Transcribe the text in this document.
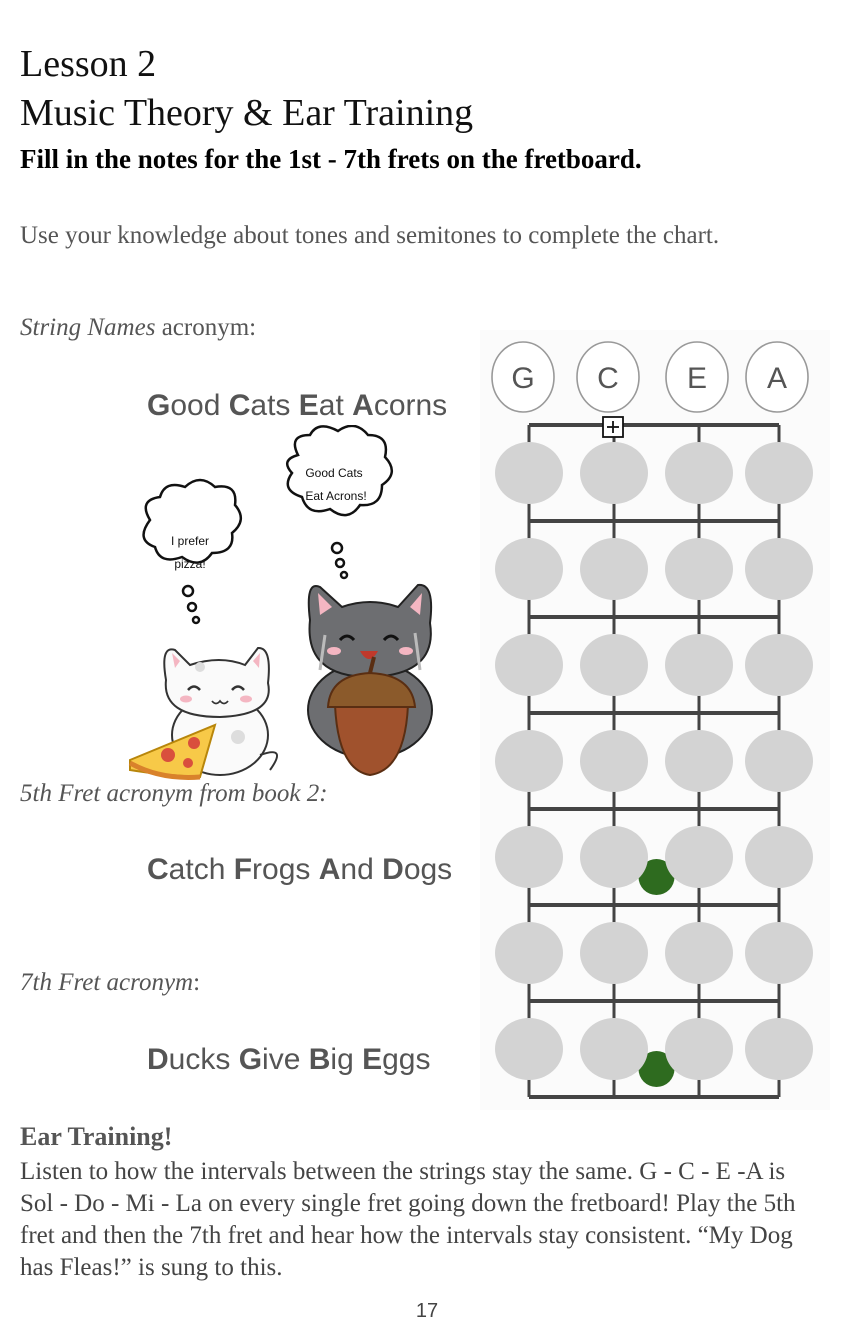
Lesson 2
Music Theory & Ear Training
Fill in the notes for the 1st - 7th frets on the fretboard.
Use your knowledge about tones and semitones to complete the chart.
String Names acronym:
Good Cats Eat Acorns
I prefer
pizza!
Good Cats
Eat Acrons!
5th Fret acronym from book 2:
Catch Frogs And Dogs
7th Fret acronym:
Ducks Give Big Eggs
G C E A
Ear Training!
Listen to how the intervals between the strings stay the same. G - C - E -A is Sol - Do - Mi - La on every single fret going down the fretboard! Play the 5th fret and then the 7th fret and hear how the intervals stay consistent. “My Dog has Fleas!” is sung to this.
17
